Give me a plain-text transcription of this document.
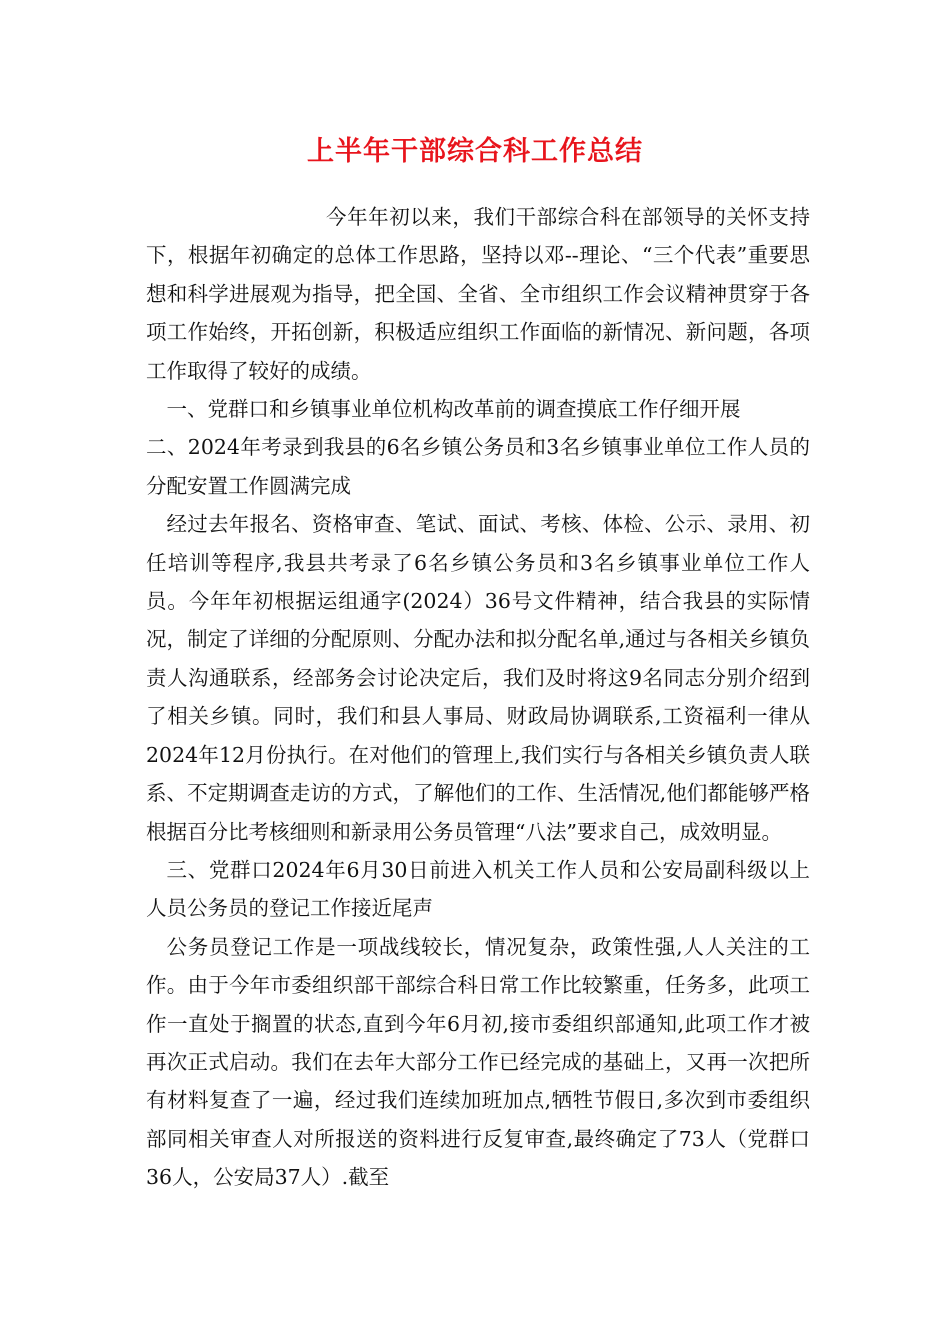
上半年干部综合科工作总结

今年年初以来，我们干部综合科在部领导的关怀支持下，根据年初确定的总体工作思路，坚持以邓--理论、“三个代表”重要思想和科学进展观为指导，把全国、全省、全市组织工作会议精神贯穿于各项工作始终，开拓创新，积极适应组织工作面临的新情况、新问题，各项工作取得了较好的成绩。

一、党群口和乡镇事业单位机构改革前的调查摸底工作仔细开展

二、2024年考录到我县的6名乡镇公务员和3名乡镇事业单位工作人员的分配安置工作圆满完成

经过去年报名、资格审查、笔试、面试、考核、体检、公示、录用、初任培训等程序,我县共考录了6名乡镇公务员和3名乡镇事业单位工作人员。今年年初根据运组通字(2024）36号文件精神，结合我县的实际情况，制定了详细的分配原则、分配办法和拟分配名单,通过与各相关乡镇负责人沟通联系，经部务会讨论决定后，我们及时将这9名同志分别介绍到了相关乡镇。同时，我们和县人事局、财政局协调联系,工资福利一律从2024年12月份执行。在对他们的管理上,我们实行与各相关乡镇负责人联系、不定期调查走访的方式，了解他们的工作、生活情况,他们都能够严格根据百分比考核细则和新录用公务员管理“八法”要求自己，成效明显。

三、党群口2024年6月30日前进入机关工作人员和公安局副科级以上人员公务员的登记工作接近尾声

公务员登记工作是一项战线较长，情况复杂，政策性强,人人关注的工作。由于今年市委组织部干部综合科日常工作比较繁重，任务多，此项工作一直处于搁置的状态,直到今年6月初,接市委组织部通知,此项工作才被再次正式启动。我们在去年大部分工作已经完成的基础上，又再一次把所有材料复查了一遍，经过我们连续加班加点,牺牲节假日,多次到市委组织部同相关审查人对所报送的资料进行反复审查,最终确定了73人（党群口36人，公安局37人）.截至
